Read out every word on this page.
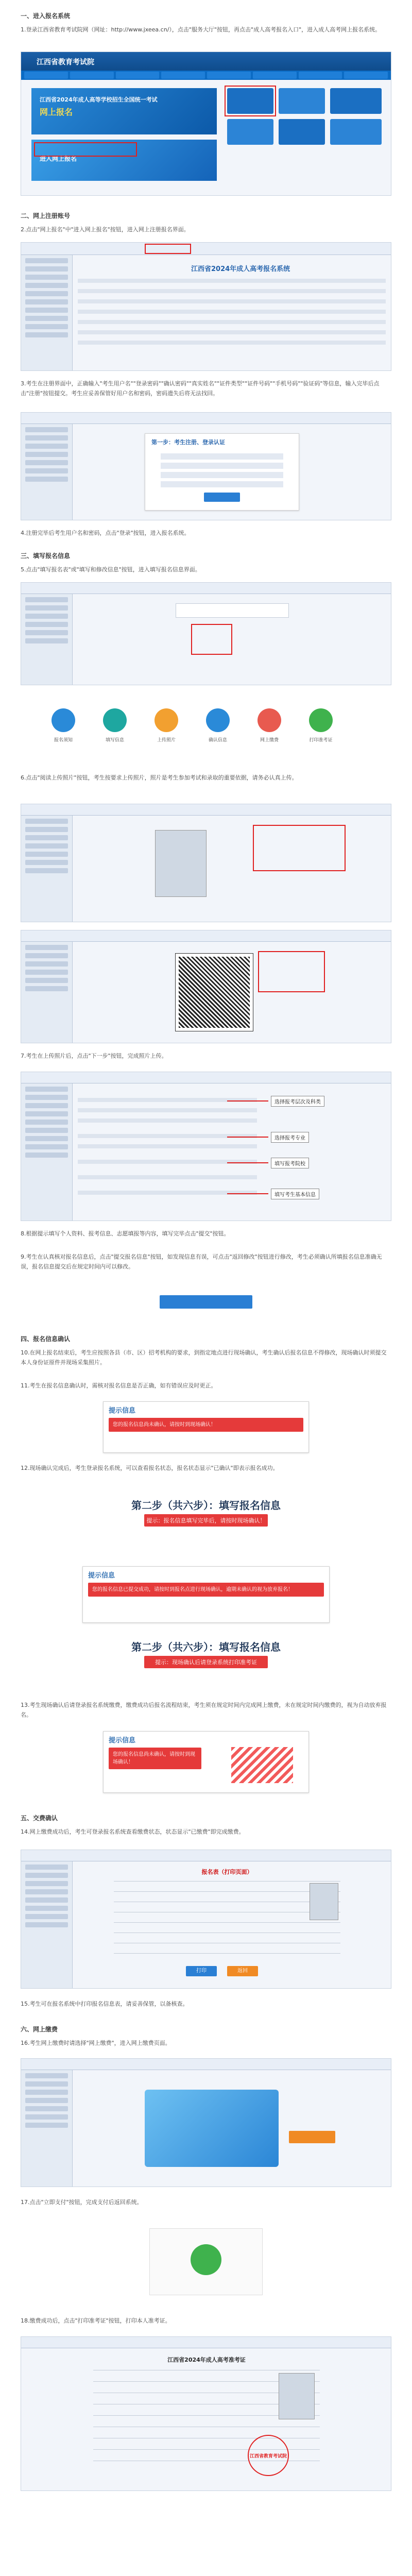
一、进入报名系统
1.登录江西省教育考试院网（网址：http://www.jxeea.cn/），点击"服务大厅"按钮，再点击"成人高考报名入口"，进入成人高考网上报名系统。
江西省教育考试院
江西省2024年成人高等学校招生全国统一考试
网上报名
进入网上报名
二、网上注册账号
2.点击"网上报名"中"进入网上报名"按钮，进入网上注册报名界面。
江西省2024年成人高考报名系统
3.考生在注册界面中，正确输入"考生用户名""登录密码""确认密码""真实姓名""证件类型""证件号码""手机号码""验证码"等信息，输入完毕后点击"注册"按钮提交。考生应妥善保管好用户名和密码，密码遗失后将无法找回。
第一步：考生注册、登录认证
4.注册完毕后考生用户名和密码，点击"登录"按钮，进入报名系统。
三、填写报名信息
5.点击"填写报名表"或"填写和修改信息"按钮，进入填写报名信息界面。
报名须知	填写信息	上传照片	确认信息	网上缴费	打印准考证
6.点击"阅读上传照片"按钮，考生按要求上传照片，照片是考生参加考试和录取的重要依据，请务必认真上传。
7.考生在上传照片后，点击"下一步"按钮，完成照片上传。
选择报考层次及科类
选择报考专业
填写报考院校
填写考生基本信息
8.根据提示填写个人资料、报考信息、志愿填报等内容，填写完毕点击"提交"按钮。
9.考生在认真核对报名信息后，点击"提交报名信息"按钮，如发现信息有误，可点击"返回修改"按钮进行修改，考生必须确认所填报名信息准确无误，报名信息提交后在规定时间内可以修改。
四、报名信息确认
10.在网上报名结束后，考生应按照各县（市、区）招考机构的要求，到指定地点进行现场确认，考生确认后报名信息不得修改，现场确认时须提交本人身份证原件并现场采集照片。
11.考生在报名信息确认时，需核对报名信息是否正确，如有错误应及时更正。
提示信息
您的报名信息尚未确认，请按时到现场确认！
12.现场确认完成后，考生登录报名系统，可以查看报名状态，报名状态显示"已确认"即表示报名成功。
第二步（共六步）：填写报名信息
提示：报名信息填写完毕后，请按时现场确认！
提示信息
您的报名信息已提交成功，请按时到报名点进行现场确认，逾期未确认的视为放弃报名！
第二步（共六步）：填写报名信息
提示：现场确认后请登录系统打印准考证
13.考生现场确认后请登录报名系统缴费，缴费成功后报名流程结束，考生须在规定时间内完成网上缴费，未在规定时间内缴费的，视为自动放弃报名。
提示信息
您的报名信息尚未确认，请按时到现场确认！
五、交费确认
14.网上缴费成功后，考生可登录报名系统查看缴费状态，状态显示"已缴费"即完成缴费。
报名表（打印页面）
打印	返回
15.考生可在报名系统中打印报名信息表，请妥善保管，以备核查。
六、网上缴费
16.考生网上缴费时请选择"网上缴费"，进入网上缴费页面。
17.点击"立即支付"按钮，完成支付后返回系统。
18.缴费成功后，点击"打印准考证"按钮，打印本人准考证。
江西省2024年成人高考准考证
江西省教育考试院
